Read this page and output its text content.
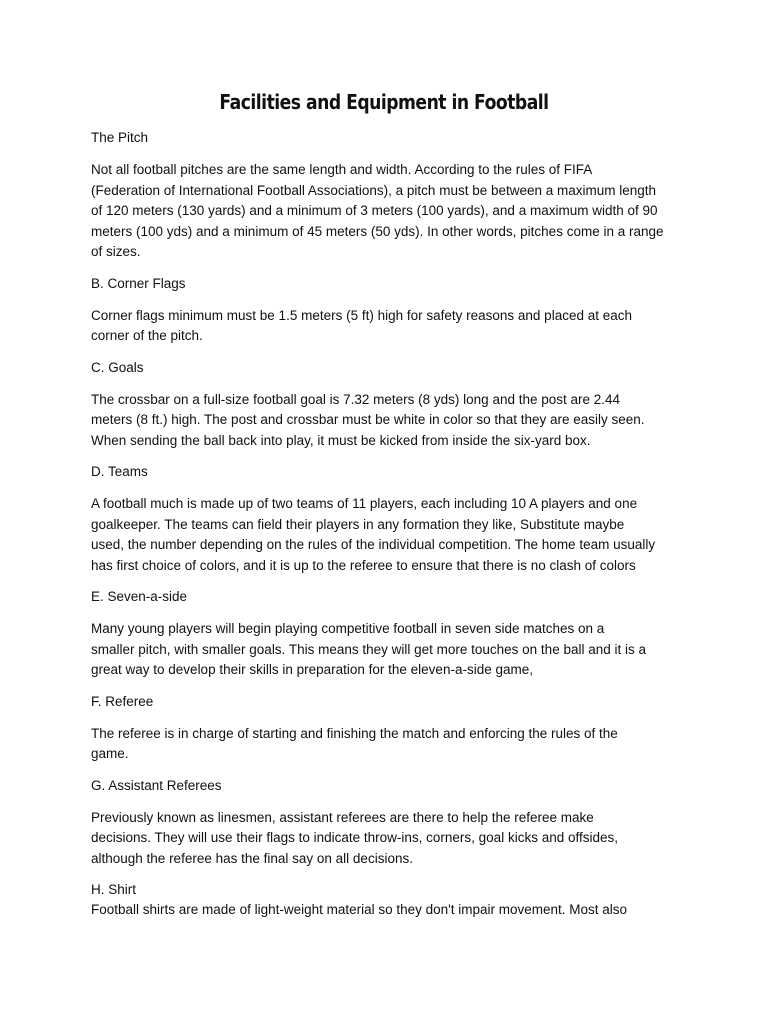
Facilities and Equipment in Football
The Pitch
Not all football pitches are the same length and width. According to the rules of FIFA
(Federation of International Football Associations), a pitch must be between a maximum length
of 120 meters (130 yards) and a minimum of 3 meters (100 yards), and a maximum width of 90
meters (100 yds) and a minimum of 45 meters (50 yds). In other words, pitches come in a range
of sizes.
B. Corner Flags
Corner flags minimum must be 1.5 meters (5 ft) high for safety reasons and placed at each
corner of the pitch.
C. Goals
The crossbar on a full-size football goal is 7.32 meters (8 yds) long and the post are 2.44
meters (8 ft.) high. The post and crossbar must be white in color so that they are easily seen.
When sending the ball back into play, it must be kicked from inside the six-yard box.
D. Teams
A football much is made up of two teams of 11 players, each including 10 A players and one
goalkeeper. The teams can field their players in any formation they like, Substitute maybe
used, the number depending on the rules of the individual competition. The home team usually
has first choice of colors, and it is up to the referee to ensure that there is no clash of colors
E. Seven-a-side
Many young players will begin playing competitive football in seven side matches on a
smaller pitch, with smaller goals. This means they will get more touches on the ball and it is a
great way to develop their skills in preparation for the eleven-a-side game,
F. Referee
The referee is in charge of starting and finishing the match and enforcing the rules of the
game.
G. Assistant Referees
Previously known as linesmen, assistant referees are there to help the referee make
decisions. They will use their flags to indicate throw-ins, corners, goal kicks and offsides,
although the referee has the final say on all decisions.
H. Shirt
Football shirts are made of light-weight material so they don't impair movement. Most also
